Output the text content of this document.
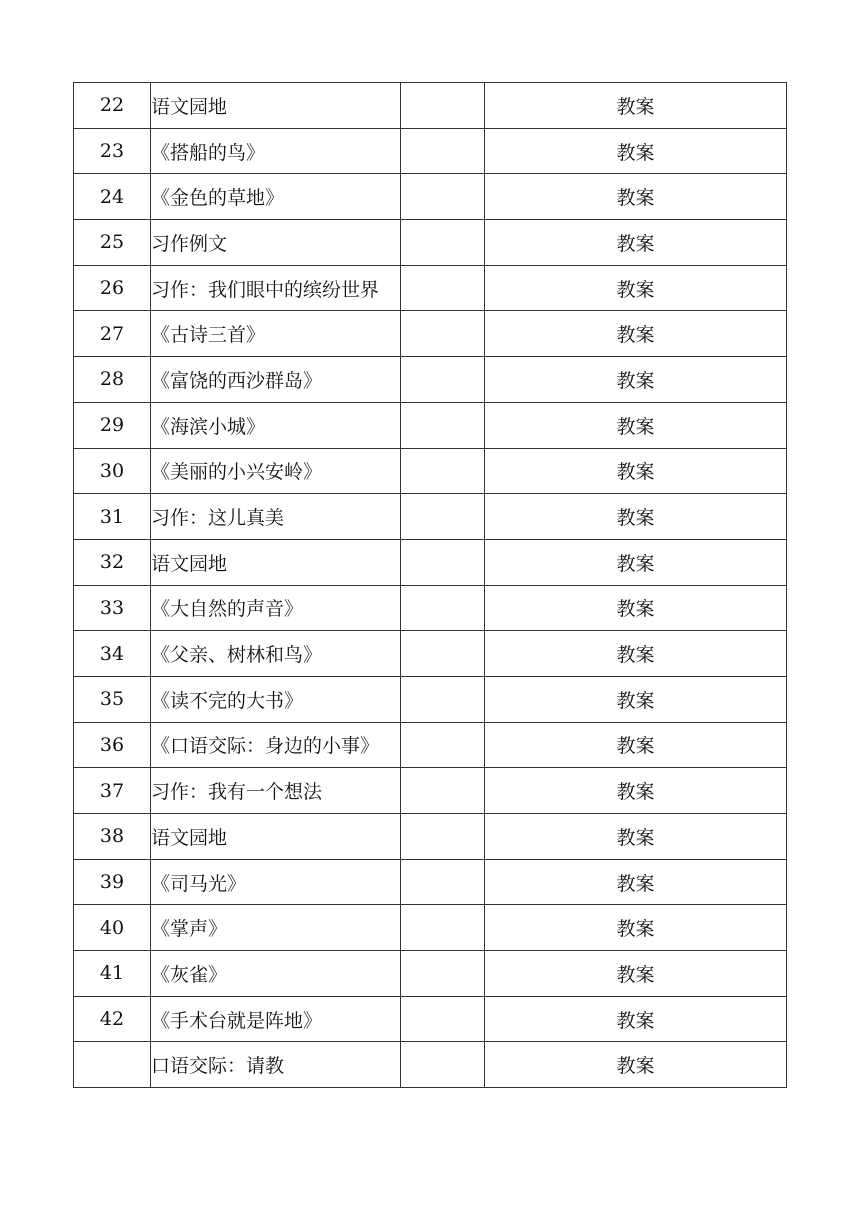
22	语文园地		教案
23	《搭船的鸟》		教案
24	《金色的草地》		教案
25	习作例文		教案
26	习作：我们眼中的缤纷世界		教案
27	《古诗三首》		教案
28	《富饶的西沙群岛》		教案
29	《海滨小城》		教案
30	《美丽的小兴安岭》		教案
31	习作：这儿真美		教案
32	语文园地		教案
33	《大自然的声音》		教案
34	《父亲、树林和鸟》		教案
35	《读不完的大书》		教案
36	《口语交际：身边的小事》		教案
37	习作：我有一个想法		教案
38	语文园地		教案
39	《司马光》		教案
40	《掌声》		教案
41	《灰雀》		教案
42	《手术台就是阵地》		教案
	口语交际：请教		教案
